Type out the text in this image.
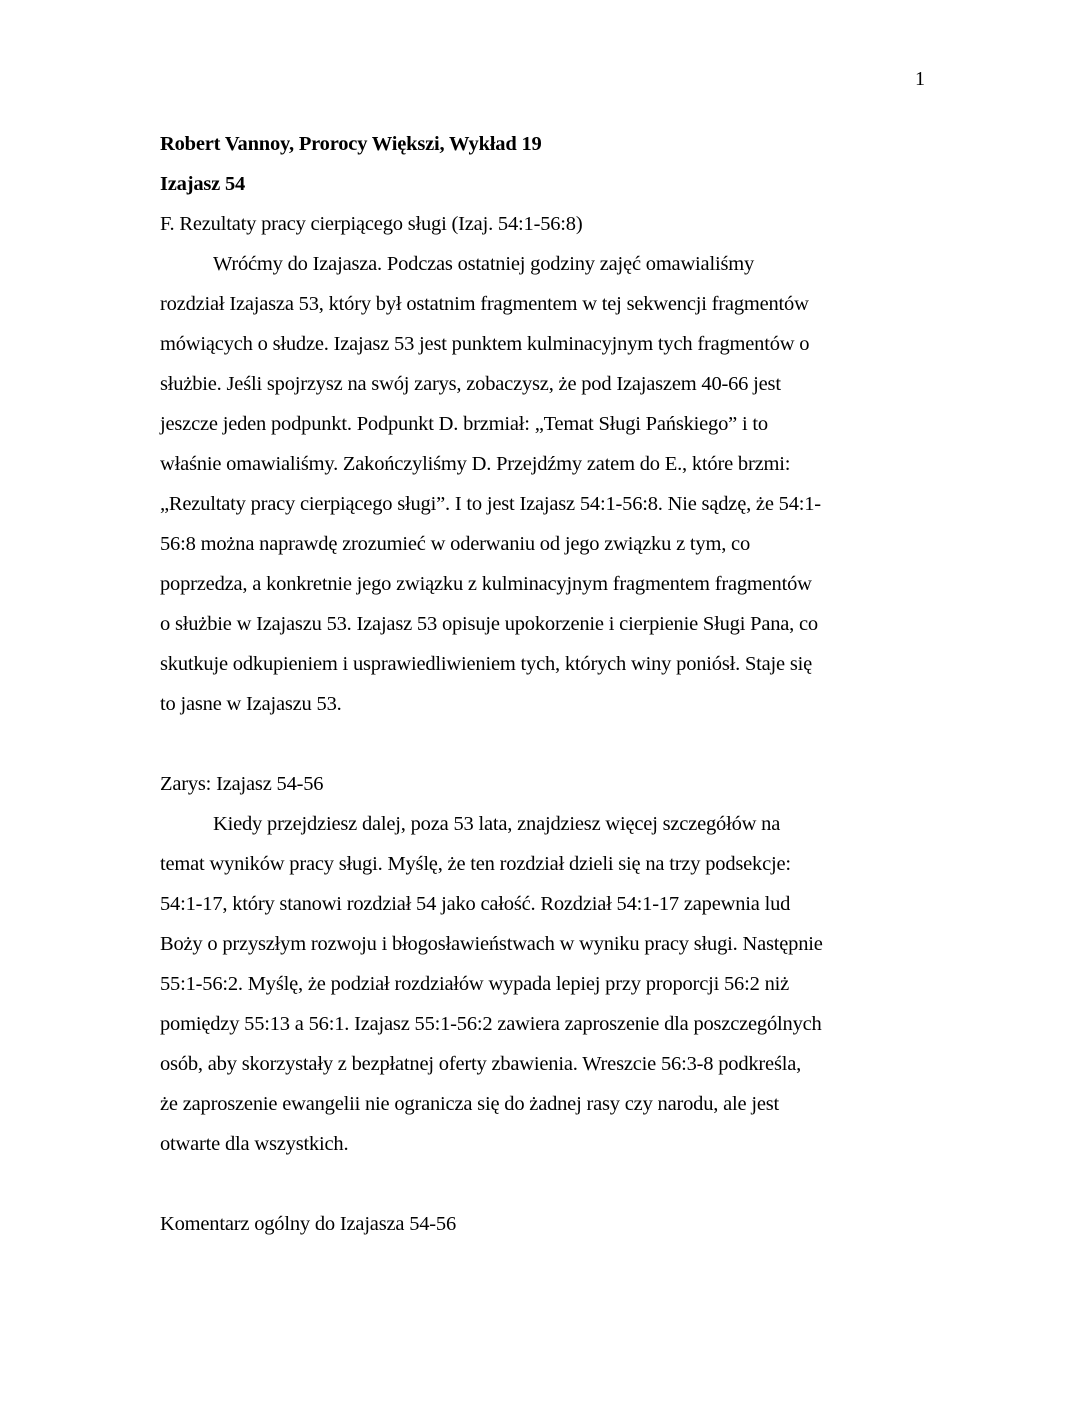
1
Robert Vannoy, Prorocy Większi, Wykład 19
Izajasz 54
F. Rezultaty pracy cierpiącego sługi (Izaj. 54:1-56:8)
Wróćmy do Izajasza. Podczas ostatniej godziny zajęć omawialiśmy
rozdział Izajasza 53, który był ostatnim fragmentem w tej sekwencji fragmentów
mówiących o słudze. Izajasz 53 jest punktem kulminacyjnym tych fragmentów o
służbie. Jeśli spojrzysz na swój zarys, zobaczysz, że pod Izajaszem 40-66 jest
jeszcze jeden podpunkt. Podpunkt D. brzmiał: „Temat Sługi Pańskiego” i to
właśnie omawialiśmy. Zakończyliśmy D. Przejdźmy zatem do E., które brzmi:
„Rezultaty pracy cierpiącego sługi”. I to jest Izajasz 54:1-56:8. Nie sądzę, że 54:1-
56:8 można naprawdę zrozumieć w oderwaniu od jego związku z tym, co
poprzedza, a konkretnie jego związku z kulminacyjnym fragmentem fragmentów
o służbie w Izajaszu 53. Izajasz 53 opisuje upokorzenie i cierpienie Sługi Pana, co
skutkuje odkupieniem i usprawiedliwieniem tych, których winy poniósł. Staje się
to jasne w Izajaszu 53.
Zarys: Izajasz 54-56
Kiedy przejdziesz dalej, poza 53 lata, znajdziesz więcej szczegółów na
temat wyników pracy sługi. Myślę, że ten rozdział dzieli się na trzy podsekcje:
54:1-17, który stanowi rozdział 54 jako całość. Rozdział 54:1-17 zapewnia lud
Boży o przyszłym rozwoju i błogosławieństwach w wyniku pracy sługi. Następnie
55:1-56:2. Myślę, że podział rozdziałów wypada lepiej przy proporcji 56:2 niż
pomiędzy 55:13 a 56:1. Izajasz 55:1-56:2 zawiera zaproszenie dla poszczególnych
osób, aby skorzystały z bezpłatnej oferty zbawienia. Wreszcie 56:3-8 podkreśla,
że zaproszenie ewangelii nie ogranicza się do żadnej rasy czy narodu, ale jest
otwarte dla wszystkich.
Komentarz ogólny do Izajasza 54-56
